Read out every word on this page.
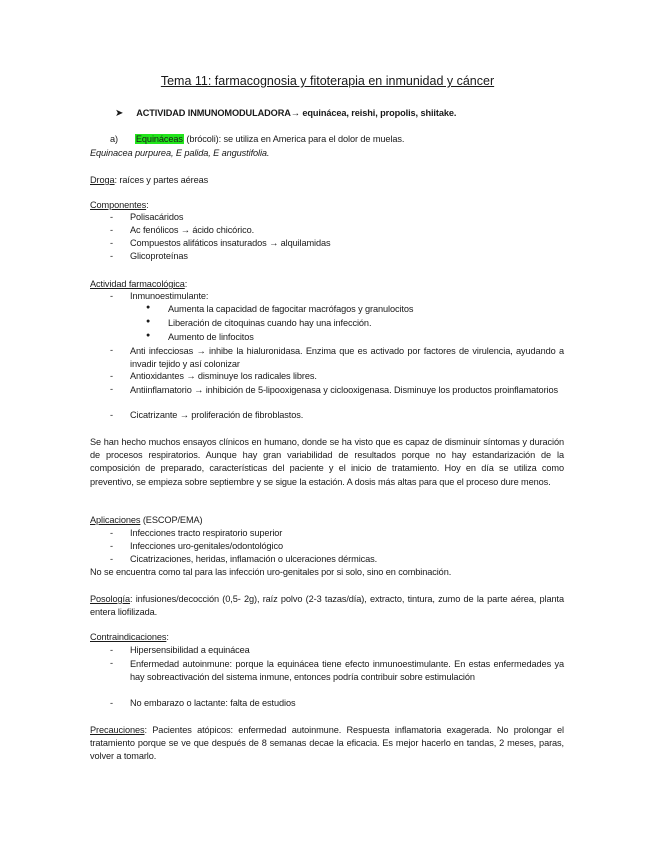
Tema 11: farmacognosia y fitoterapia en inmunidad y cáncer
➤ ACTIVIDAD INMUNOMODULADORA→ equinácea, reishi, propolis, shiitake.
a) Equináceas (brócoli): se utiliza en America para el dolor de muelas.
Equinacea purpurea, E palida, E angustifolia.
Droga: raíces y partes aéreas
Componentes:
- Polisacáridos
- Ac fenólicos → ácido chicórico.
- Compuestos alifáticos insaturados → alquilamidas
- Glicoproteínas
Actividad farmacológica:
- Inmunoestimulante:
● Aumenta la capacidad de fagocitar macrófagos y granulocitos
● Liberación de citoquinas cuando hay una infección.
● Aumento de linfocitos
- Anti infecciosas → inhibe la hialuronidasa. Enzima que es activado por factores de virulencia, ayudando a invadir tejido y así colonizar
- Antioxidantes → disminuye los radicales libres.
- Antiinflamatorio → inhibición de 5-lipooxigenasa y ciclooxigenasa. Disminuye los productos proinflamatorios
- Cicatrizante → proliferación de fibroblastos.
Se han hecho muchos ensayos clínicos en humano, donde se ha visto que es capaz de disminuir síntomas y duración de procesos respiratorios. Aunque hay gran variabilidad de resultados porque no hay estandarización de la composición de preparado, características del paciente y el inicio de tratamiento. Hoy en día se utiliza como preventivo, se empieza sobre septiembre y se sigue la estación. A dosis más altas para que el proceso dure menos.
Aplicaciones (ESCOP/EMA)
- Infecciones tracto respiratorio superior
- Infecciones uro-genitales/odontológico
- Cicatrizaciones, heridas, inflamación o ulceraciones dérmicas.
No se encuentra como tal para las infección uro-genitales por si solo, sino en combinación.
Posología: infusiones/decocción (0,5- 2g), raíz polvo (2-3 tazas/día), extracto, tintura, zumo de la parte aérea, planta entera liofilizada.
Contraindicaciones:
- Hipersensibilidad a equinácea
- Enfermedad autoinmune: porque la equinácea tiene efecto inmunoestimulante. En estas enfermedades ya hay sobreactivación del sistema inmune, entonces podría contribuir sobre estimulación
- No embarazo o lactante: falta de estudios
Precauciones: Pacientes atópicos: enfermedad autoinmune. Respuesta inflamatoria exagerada. No prolongar el tratamiento porque se ve que después de 8 semanas decae la eficacia. Es mejor hacerlo en tandas, 2 meses, paras, volver a tomarlo.
